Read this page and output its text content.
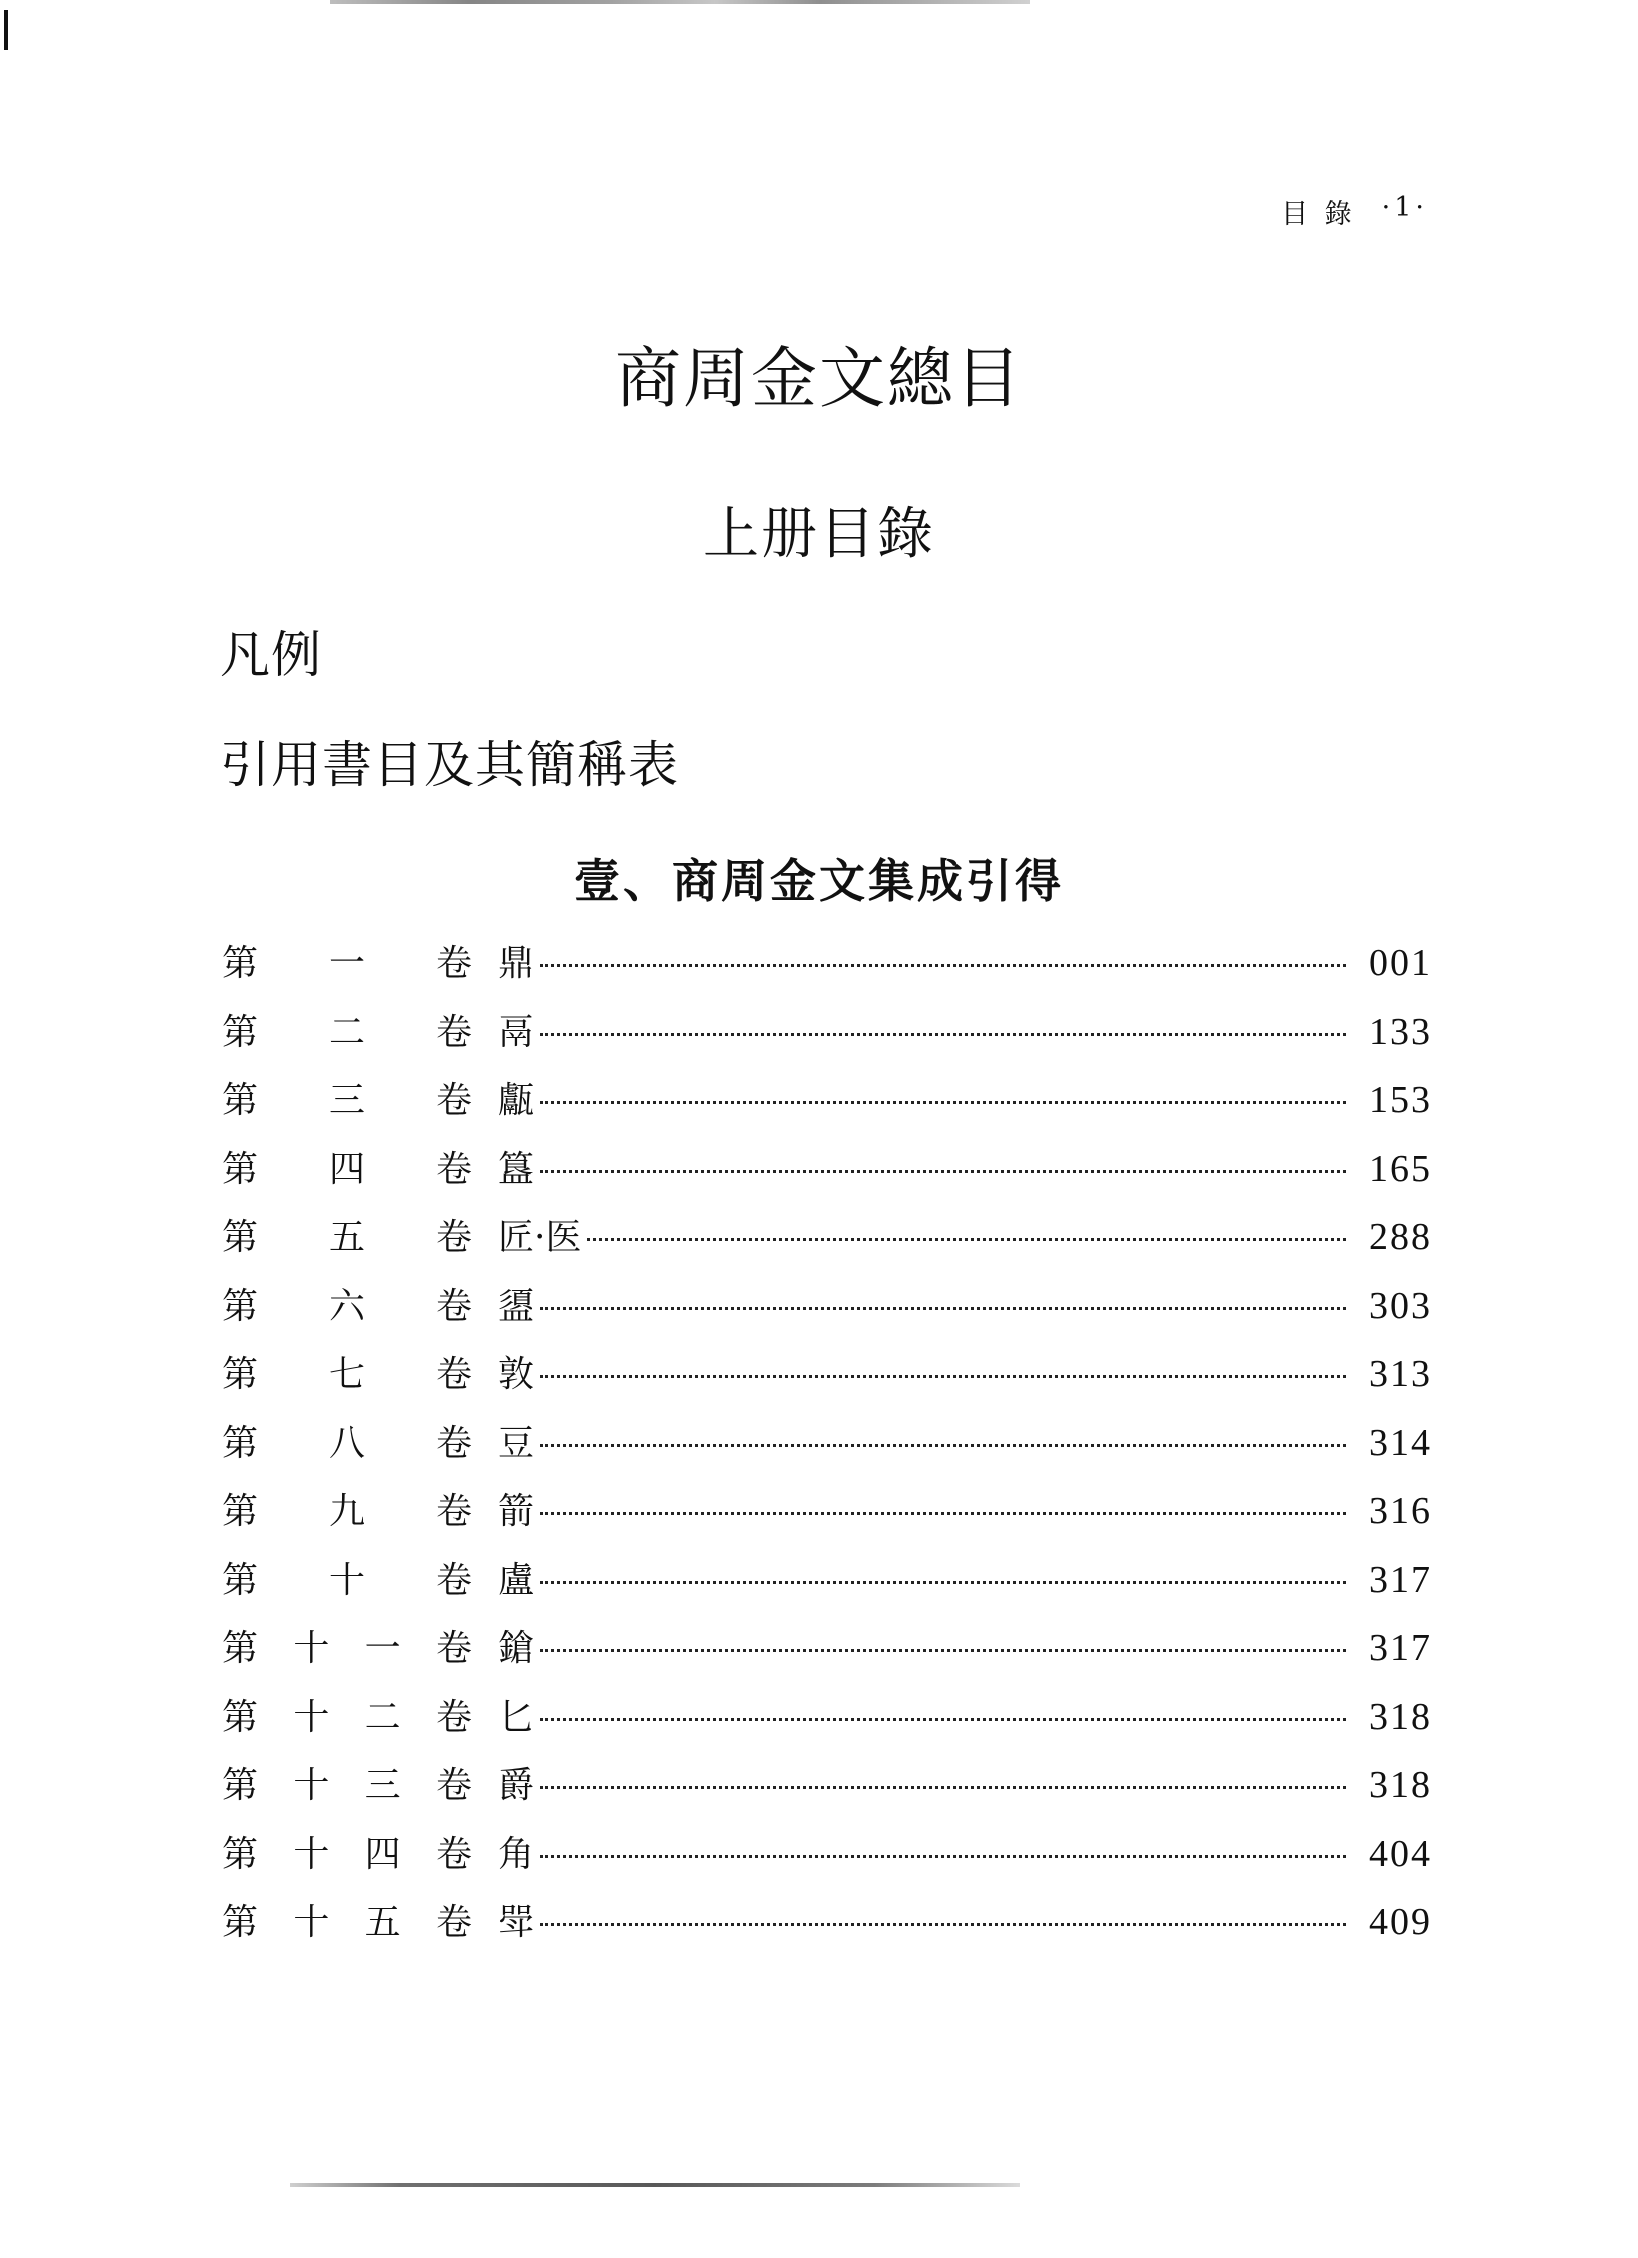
目 錄 ·1·
商周金文總目
上册目錄
凡例
引用書目及其簡稱表
壹、商周金文集成引得
第 一 卷 鼎	001
第 二 卷 鬲	133
第 三 卷 甗	153
第 四 卷 簋	165
第 五 卷 匠·医	288
第 六 卷 盨	303
第 七 卷 敦	313
第 八 卷 豆	314
第 九 卷 箭	316
第 十 卷 盧	317
第 十 一 卷 鎗	317
第 十 二 卷 匕	318
第 十 三 卷 爵	318
第 十 四 卷 角	404
第 十 五 卷 斝	409
